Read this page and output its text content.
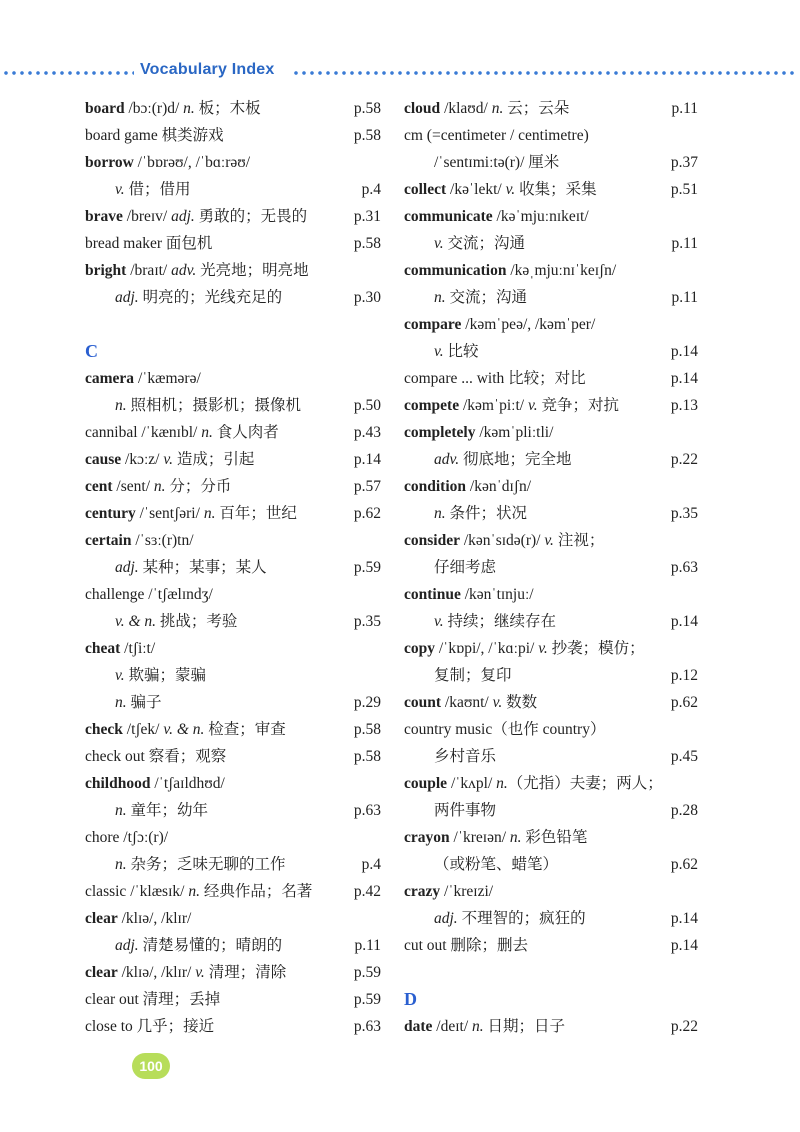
Vocabulary Index
board /bɔː(r)d/ n. 板；木板	p.58
board game 棋类游戏	p.58
borrow /ˈbɒrəʊ/, /ˈbɑːrəʊ/
v. 借；借用	p.4
brave /breɪv/ adj. 勇敢的；无畏的	p.31
bread maker 面包机	p.58
bright /braɪt/ adv. 光亮地；明亮地
adj. 明亮的；光线充足的	p.30
C
camera /ˈkæmərə/
n. 照相机；摄影机；摄像机	p.50
cannibal /ˈkænɪbl/ n. 食人肉者	p.43
cause /kɔːz/ v. 造成；引起	p.14
cent /sent/ n. 分；分币	p.57
century /ˈsentʃəri/ n. 百年；世纪	p.62
certain /ˈsɜː(r)tn/
adj. 某种；某事；某人	p.59
challenge /ˈtʃælɪndʒ/
v. & n. 挑战；考验	p.35
cheat /tʃiːt/
v. 欺骗；蒙骗
n. 骗子	p.29
check /tʃek/ v. & n. 检查；审查	p.58
check out 察看；观察	p.58
childhood /ˈtʃaɪldhʊd/
n. 童年；幼年	p.63
chore /tʃɔː(r)/
n. 杂务；乏味无聊的工作	p.4
classic /ˈklæsɪk/ n. 经典作品；名著	p.42
clear /klɪə/, /klɪr/
adj. 清楚易懂的；晴朗的	p.11
clear /klɪə/, /klɪr/ v. 清理；清除	p.59
clear out 清理；丢掉	p.59
close to 几乎；接近	p.63
cloud /klaʊd/ n. 云；云朵	p.11
cm (=centimeter / centimetre)
/ˈsentɪmiːtə(r)/ 厘米	p.37
collect /kəˈlekt/ v. 收集；采集	p.51
communicate /kəˈmjuːnɪkeɪt/
v. 交流；沟通	p.11
communication /kəˌmjuːnɪˈkeɪʃn/
n. 交流；沟通	p.11
compare /kəmˈpeə/, /kəmˈper/
v. 比较	p.14
compare ... with 比较；对比	p.14
compete /kəmˈpiːt/ v. 竞争；对抗	p.13
completely /kəmˈpliːtli/
adv. 彻底地；完全地	p.22
condition /kənˈdɪʃn/
n. 条件；状况	p.35
consider /kənˈsɪdə(r)/ v. 注视；
仔细考虑	p.63
continue /kənˈtɪnjuː/
v. 持续；继续存在	p.14
copy /ˈkɒpi/, /ˈkɑːpi/ v. 抄袭；模仿；
复制；复印	p.12
count /kaʊnt/ v. 数数	p.62
country music（也作 country）
乡村音乐	p.45
couple /ˈkʌpl/ n.（尤指）夫妻；两人；
两件事物	p.28
crayon /ˈkreɪən/ n. 彩色铅笔
（或粉笔、蜡笔）	p.62
crazy /ˈkreɪzi/
adj. 不理智的；疯狂的	p.14
cut out 删除；删去	p.14
D
date /deɪt/ n. 日期；日子	p.22
100
